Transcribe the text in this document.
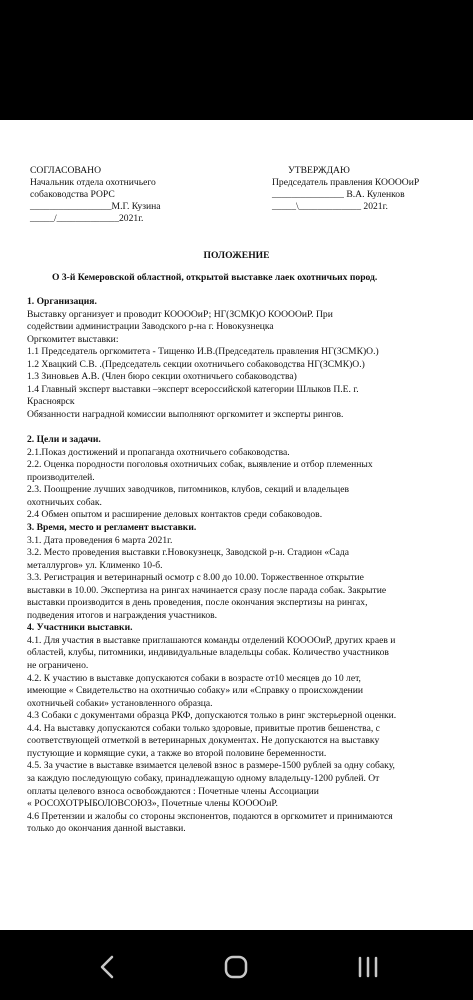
СОГЛАСОВАНО
Начальник отдела охотничьего
собаководства РОРС
_________________М.Г. Кузина
_____/_____________2021г.
УТВЕРЖДАЮ
Председатель правления КОООOиР
_______________ В.А. Куленков
_____\_____________ 2021г.
ПОЛОЖЕНИЕ
О 3-й Кемеровской областной, открытой выставке лаек охотничьих пород.
1. Организация.
Выставку организует и проводит КОООOиР; НГ(ЗСМК)О КОООOиР. При
содействии администрации Заводского р-на г. Новокузнецка
Оргкомитет выставки:
1.1 Председатель оргкомитета - Тищенко И.В.(Председатель правления НГ(ЗСМК)О.)
1.2 Хвацкий С.В. .(Председатель секции охотничьего собаководства НГ(ЗСМК)О.)
1.3 Зиновьев А.В. (Член бюро секции охотничьего собаководства)
1.4 Главный эксперт выставки –эксперт всероссийской категории Шлыков П.Е. г.
Красноярск
Обязанности наградной комиссии выполняют оргкомитет и эксперты рингов.
2. Цели и задачи.
2.1.Показ достижений и пропаганда охотничьего собаководства.
2.2. Оценка породности поголовья охотничьих собак, выявление и отбор племенных
производителей.
2.3. Поощрение лучших заводчиков, питомников, клубов, секций и владельцев
охотничьих собак.
2.4 Обмен опытом и расширение деловых контактов среди собаководов.
3. Время, место и регламент выставки.
3.1. Дата проведения 6 марта 2021г.
3.2. Место проведения выставки г.Новокузнецк, Заводской р-н. Стадион «Сада
металлургов» ул. Клименко 10-б.
3.3. Регистрация и ветеринарный осмотр с 8.00 до 10.00. Торжественное открытие
выставки в 10.00. Экспертиза на рингах начинается сразу после парада собак. Закрытие
выставки производится в день проведения, после окончания экспертизы на рингах,
подведения итогов и награждения участников.
4. Участники выставки.
4.1. Для участия в выставке приглашаются команды отделений КОООOиР, других краев и
областей, клубы, питомники, индивидуальные владельцы собак. Количество участников
не ограничено.
4.2. К участию в выставке допускаются собаки в возрасте от10 месяцев до 10 лет,
имеющие « Свидетельство на охотничью собаку» или «Справку о происхождении
охотничьей собаки» установленного образца.
4.3 Собаки с документами образца РКФ, допускаются только в ринг экстерьерной оценки.
4.4. На выставку допускаются собаки только здоровые, привитые против бешенства, с
соответствующей отметкой в ветеринарных документах. Не допускаются на выставку
пустующие и кормящие суки, а также во второй половине беременности.
4.5. За участие в выставке взимается целевой взнос в размере-1500 рублей за одну собаку,
за каждую последующую собаку, принадлежащую одному владельцу-1200 рублей. От
оплаты целевого взноса освобождаются : Почетные члены Ассоциации
« РОСОХОТРЫБОЛОВСОЮЗ», Почетные члены КОООOиР.
4.6 Претензии и жалобы со стороны экспонентов, подаются в оргкомитет и принимаются
только до окончания данной выставки.
